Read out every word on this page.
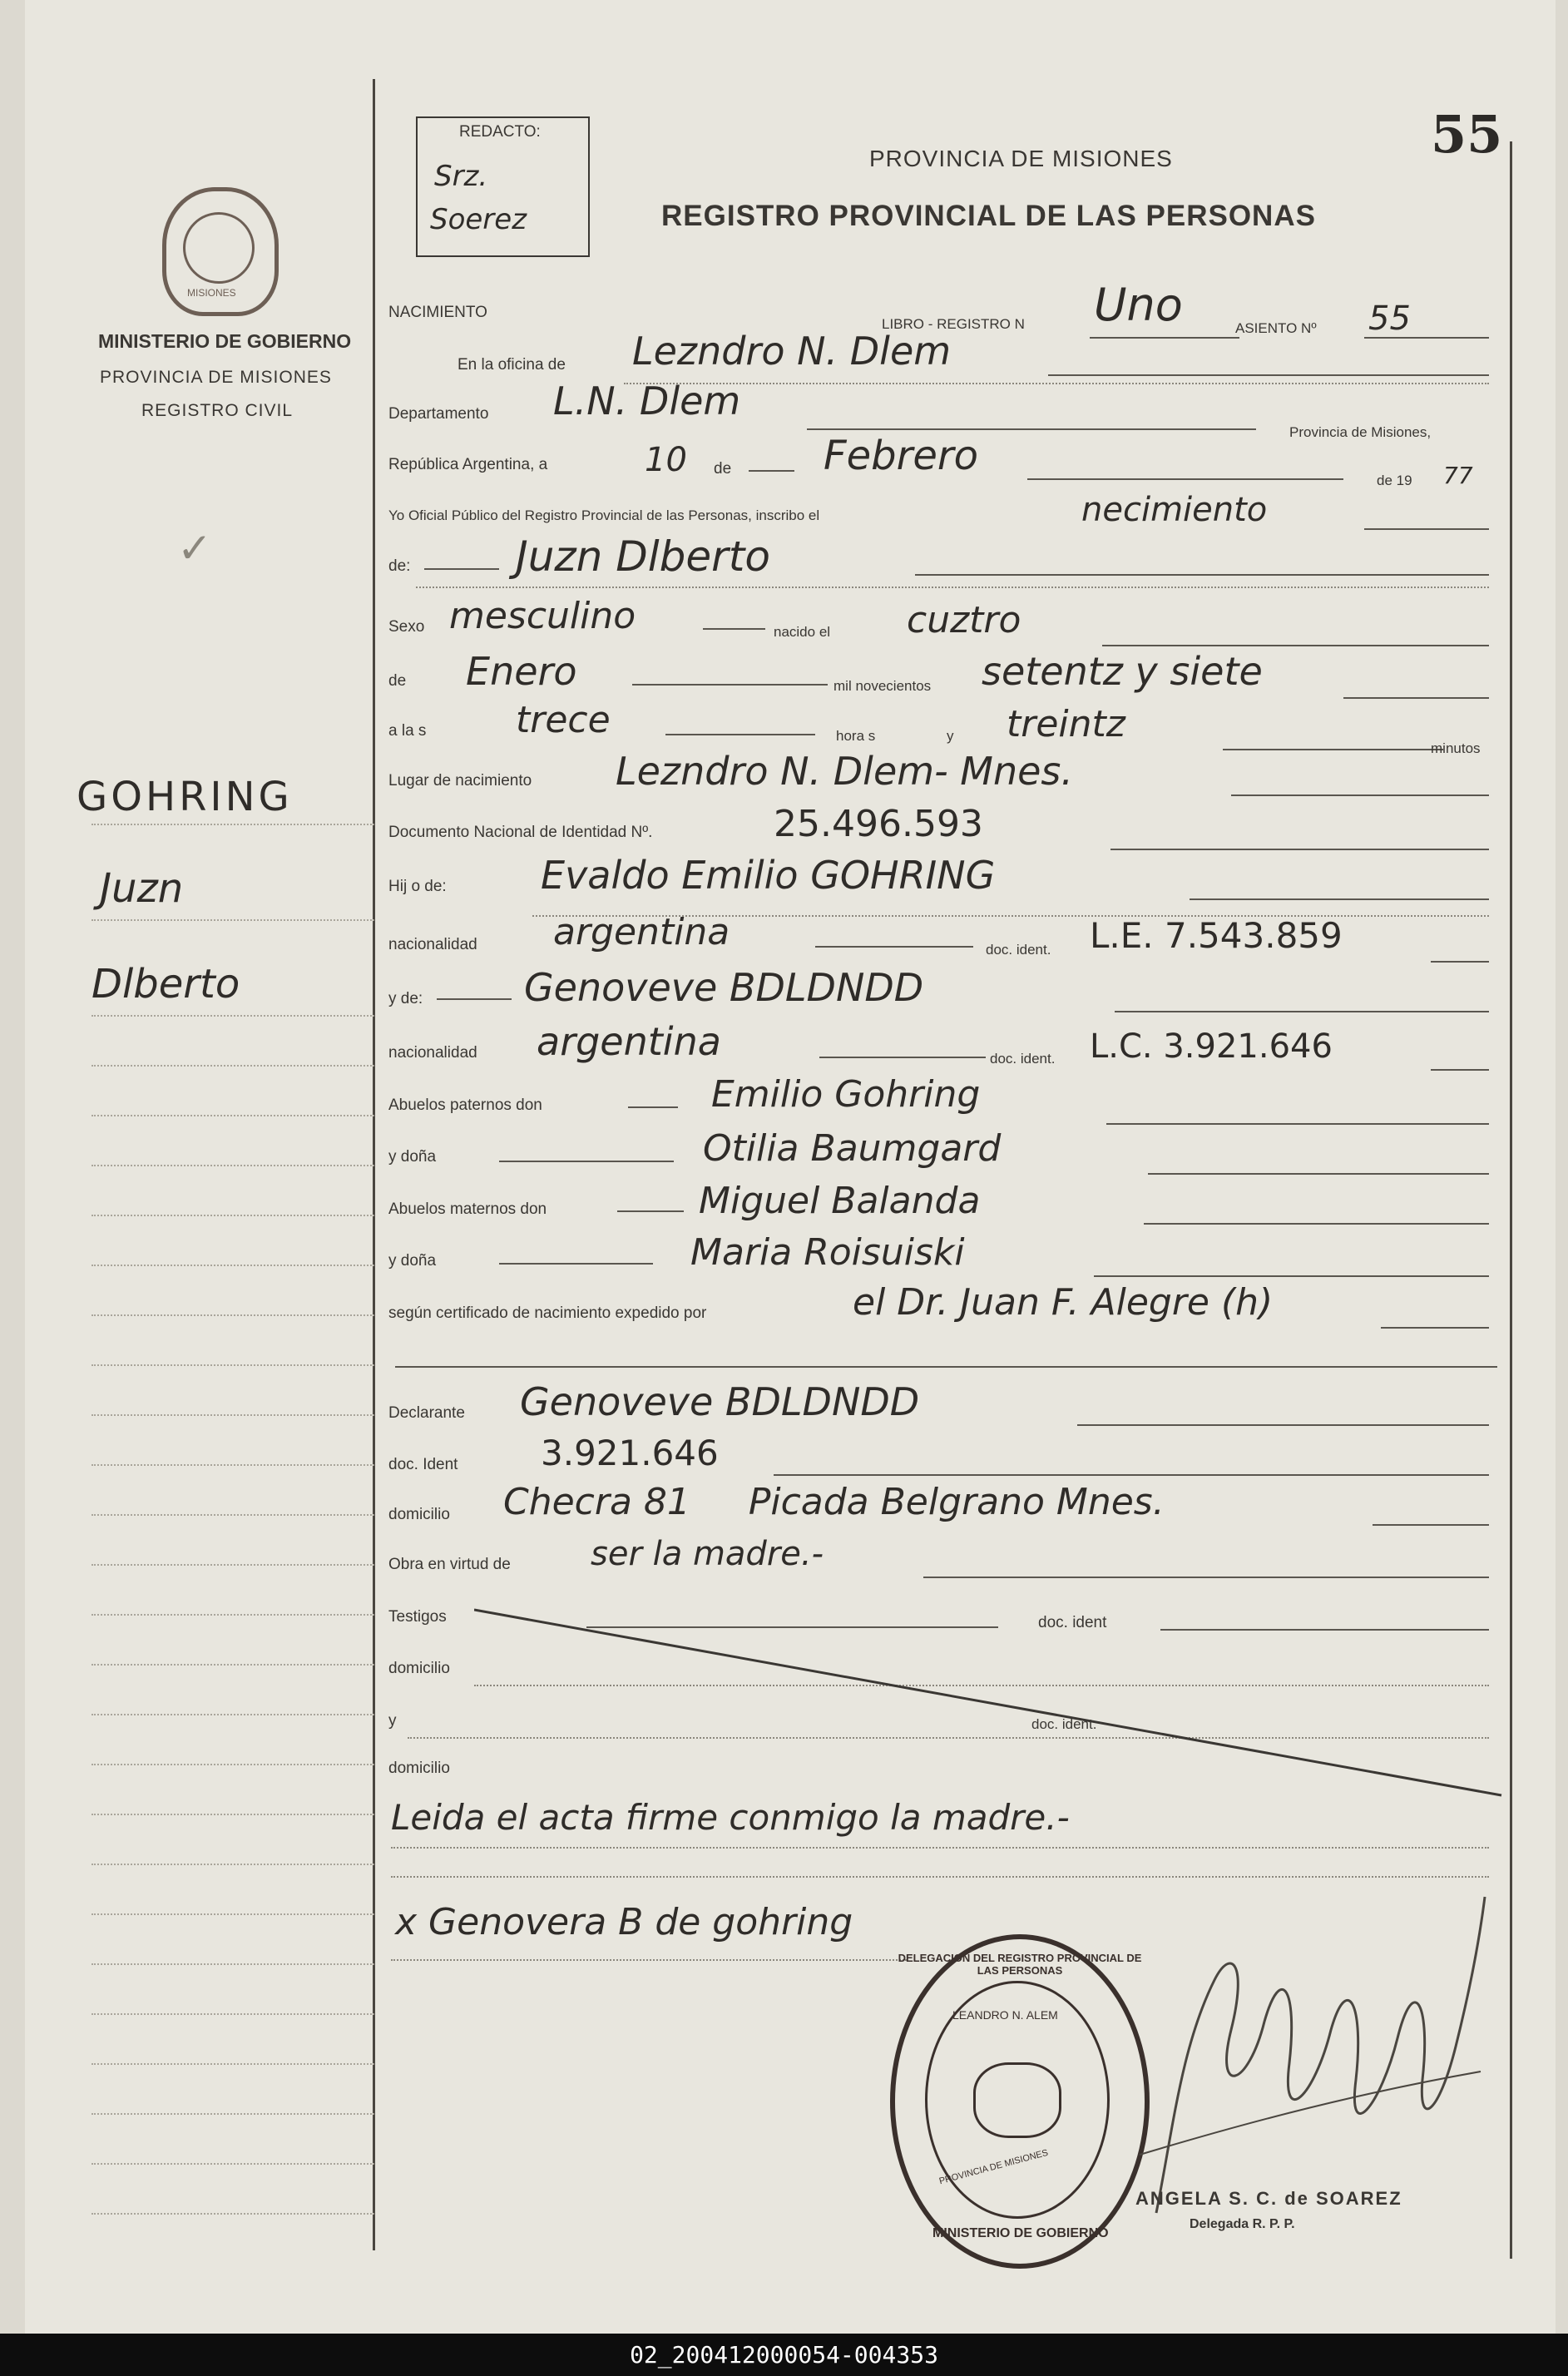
55
REDACTO:
Srz.
Soerez
PROVINCIA DE MISIONES
REGISTRO PROVINCIAL DE LAS PERSONAS
MISIONES
MINISTERIO DE GOBIERNO
PROVINCIA DE MISIONES
REGISTRO CIVIL
✓
GOHRING
Juzn
Dlberto
NACIMIENTO
LIBRO - REGISTRO N Uno	ASIENTO Nº 55
En la oficina de Lezndro N. Dlem
Departamento L.N. Dlem
Provincia de Misiones,
República Argentina, a	10 de Febrero
de 19 77
Yo Oficial Público del Registro Provincial de las Personas, inscribo el	necimiento
de:	Juzn Dlberto
Sexo mesculino	nacido el cuztro
de Enero	mil novecientos setentz y siete
a la s trece	hora s	y treintz
minutos
Lugar de nacimiento Lezndro N. Dlem- Mnes.
Documento Nacional de Identidad Nº.	25.496.593
Hij o de: Evaldo Emilio GOHRING
nacionalidad argentina	doc. ident. L.E. 7.543.859
y de:	Genoveve BDLDNDD
nacionalidad argentina	doc. ident. L.C. 3.921.646
Abuelos paternos don	Emilio Gohring
y doña	Otilia Baumgard
Abuelos maternos don	Miguel Balanda
y doña	Maria Roisuiski
según certificado de nacimiento expedido por	el Dr. Juan F. Alegre (h)
Declarante Genoveve BDLDNDD
doc. Ident 3.921.646
domicilio Checra 81     Picada Belgrano Mnes.
Obra en virtud de ser la madre.-
Testigos	doc. ident
domicilio
y	doc. ident.
domicilio
Leida el acta firme conmigo la madre.-
x Genovera B de gohring
LEANDRO N. ALEM
PROVINCIA DE MISIONES
DELEGACION DEL REGISTRO PROVINCIAL DE LAS PERSONAS
MINISTERIO DE GOBIERNO
ANGELA S. C. de SOAREZ
Delegada R. P. P.
02_200412000054-004353
